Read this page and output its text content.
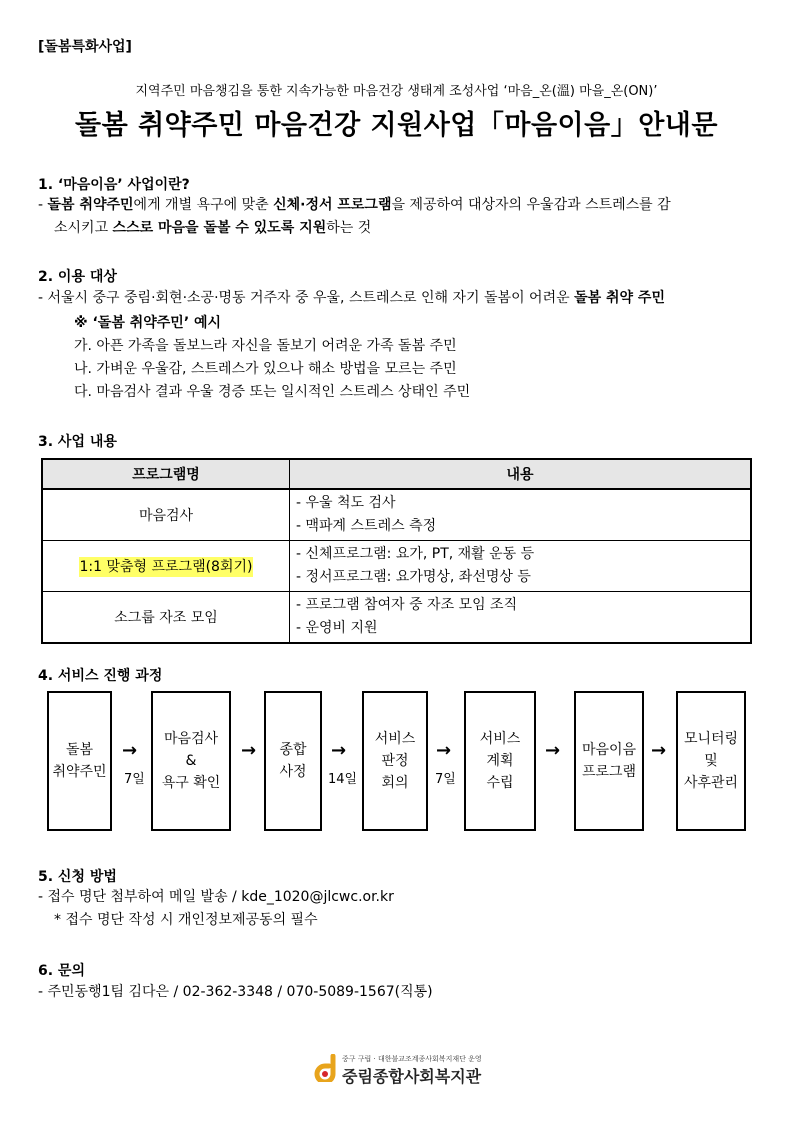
[돌봄특화사업]
지역주민 마음챙김을 통한 지속가능한 마음건강 생태계 조성사업 ‘마음_온(溫) 마을_온(ON)’
돌봄 취약주민 마음건강 지원사업「마음이음」안내문
1. ‘마음이음’ 사업이란?
- 돌봄 취약주민에게 개별 욕구에 맞춘 신체·정서 프로그램을 제공하여 대상자의 우울감과 스트레스를 감
소시키고 스스로 마음을 돌볼 수 있도록 지원하는 것
2. 이용 대상
- 서울시 중구 중림·회현·소공·명동 거주자 중 우울, 스트레스로 인해 자기 돌봄이 어려운 돌봄 취약 주민
※ ‘돌봄 취약주민’ 예시
가. 아픈 가족을 돌보느라 자신을 돌보기 어려운 가족 돌봄 주민
나. 가벼운 우울감, 스트레스가 있으나 해소 방법을 모르는 주민
다. 마음검사 결과 우울 경증 또는 일시적인 스트레스 상태인 주민
3. 사업 내용
프로그램명	내용
마음검사	- 우울 척도 검사
- 맥파계 스트레스 측정

1:1 맞춤형 프로그램(8회기)	- 신체프로그램: 요가, PT, 재활 운동 등
- 정서프로그램: 요가명상, 좌선명상 등

소그룹 자조 모임	- 프로그램 참여자 중 자조 모임 조직
- 운영비 지원
4. 서비스 진행 과정
돌봄
취약주민
→
7일
마음검사
&
욕구 확인
→ 종합
사정
→
14일
서비스
판정
회의
→
7일
서비스
계획
수립
→ 마음이음
프로그램
→
모니터링
및
사후관리
5. 신청 방법
- 접수 명단 첨부하여 메일 발송 / kde_1020@jlcwc.or.kr
* 접수 명단 작성 시 개인정보제공동의 필수
6. 문의
- 주민동행1팀 김다은 / 02-362-3348 / 070-5089-1567(직통)
중구 구립 · 대한불교조계종사회복지재단 운영
중림종합사회복지관
